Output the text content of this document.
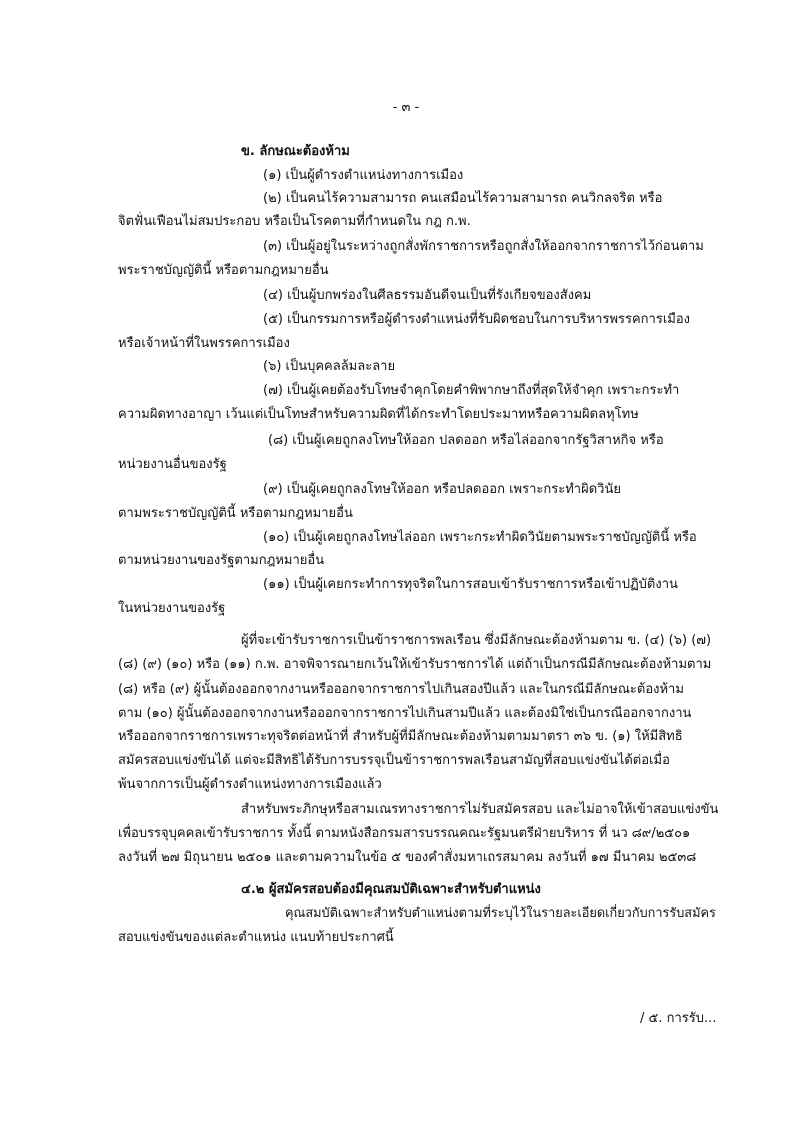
- ๓ -
ข. ลักษณะต้องห้าม
(๑) เป็นผู้ดำรงตำแหน่งทางการเมือง
(๒) เป็นคนไร้ความสามารถ คนเสมือนไร้ความสามารถ คนวิกลจริต หรือ
จิตฟั่นเฟือนไม่สมประกอบ หรือเป็นโรคตามที่กำหนดใน กฎ ก.พ.
(๓) เป็นผู้อยู่ในระหว่างถูกสั่งพักราชการหรือถูกสั่งให้ออกจากราชการไว้ก่อนตาม
พระราชบัญญัตินี้ หรือตามกฎหมายอื่น
(๔) เป็นผู้บกพร่องในศีลธรรมอันดีจนเป็นที่รังเกียจของสังคม
(๕) เป็นกรรมการหรือผู้ดำรงตำแหน่งที่รับผิดชอบในการบริหารพรรคการเมือง
หรือเจ้าหน้าที่ในพรรคการเมือง
(๖) เป็นบุคคลล้มละลาย
(๗) เป็นผู้เคยต้องรับโทษจำคุกโดยคำพิพากษาถึงที่สุดให้จำคุก เพราะกระทำ
ความผิดทางอาญา เว้นแต่เป็นโทษสำหรับความผิดที่ได้กระทำโดยประมาทหรือความผิดลหุโทษ
(๘) เป็นผู้เคยถูกลงโทษให้ออก ปลดออก หรือไล่ออกจากรัฐวิสาหกิจ หรือ
หน่วยงานอื่นของรัฐ
(๙) เป็นผู้เคยถูกลงโทษให้ออก หรือปลดออก เพราะกระทำผิดวินัย
ตามพระราชบัญญัตินี้ หรือตามกฎหมายอื่น
(๑๐) เป็นผู้เคยถูกลงโทษไล่ออก เพราะกระทำผิดวินัยตามพระราชบัญญัตินี้ หรือ
ตามหน่วยงานของรัฐตามกฎหมายอื่น
(๑๑) เป็นผู้เคยกระทำการทุจริตในการสอบเข้ารับราชการหรือเข้าปฏิบัติงาน
ในหน่วยงานของรัฐ
ผู้ที่จะเข้ารับราชการเป็นข้าราชการพลเรือน ซึ่งมีลักษณะต้องห้ามตาม ข. (๔) (๖) (๗)
(๘) (๙) (๑๐) หรือ (๑๑) ก.พ. อาจพิจารณายกเว้นให้เข้ารับราชการได้ แต่ถ้าเป็นกรณีมีลักษณะต้องห้ามตาม
(๘) หรือ (๙) ผู้นั้นต้องออกจากงานหรือออกจากราชการไปเกินสองปีแล้ว และในกรณีมีลักษณะต้องห้าม
ตาม (๑๐) ผู้นั้นต้องออกจากงานหรือออกจากราชการไปเกินสามปีแล้ว และต้องมิใช่เป็นกรณีออกจากงาน
หรือออกจากราชการเพราะทุจริตต่อหน้าที่ สำหรับผู้ที่มีลักษณะต้องห้ามตามมาตรา ๓๖ ข. (๑) ให้มีสิทธิ
สมัครสอบแข่งขันได้ แต่จะมีสิทธิได้รับการบรรจุเป็นข้าราชการพลเรือนสามัญที่สอบแข่งขันได้ต่อเมื่อ
พ้นจากการเป็นผู้ดำรงตำแหน่งทางการเมืองแล้ว
สำหรับพระภิกษุหรือสามเณรทางราชการไม่รับสมัครสอบ และไม่อาจให้เข้าสอบแข่งขัน
เพื่อบรรจุบุคคลเข้ารับราชการ ทั้งนี้ ตามหนังสือกรมสารบรรณคณะรัฐมนตรีฝ่ายบริหาร ที่ นว ๘๙/๒๕๐๑
ลงวันที่ ๒๗ มิถุนายน ๒๕๐๑ และตามความในข้อ ๕ ของคำสั่งมหาเถรสมาคม ลงวันที่ ๑๗ มีนาคม ๒๕๓๘
๔.๒ ผู้สมัครสอบต้องมีคุณสมบัติเฉพาะสำหรับตำแหน่ง
คุณสมบัติเฉพาะสำหรับตำแหน่งตามที่ระบุไว้ในรายละเอียดเกี่ยวกับการรับสมัคร
สอบแข่งขันของแต่ละตำแหน่ง แนบท้ายประกาศนี้
/ ๕. การรับ...
